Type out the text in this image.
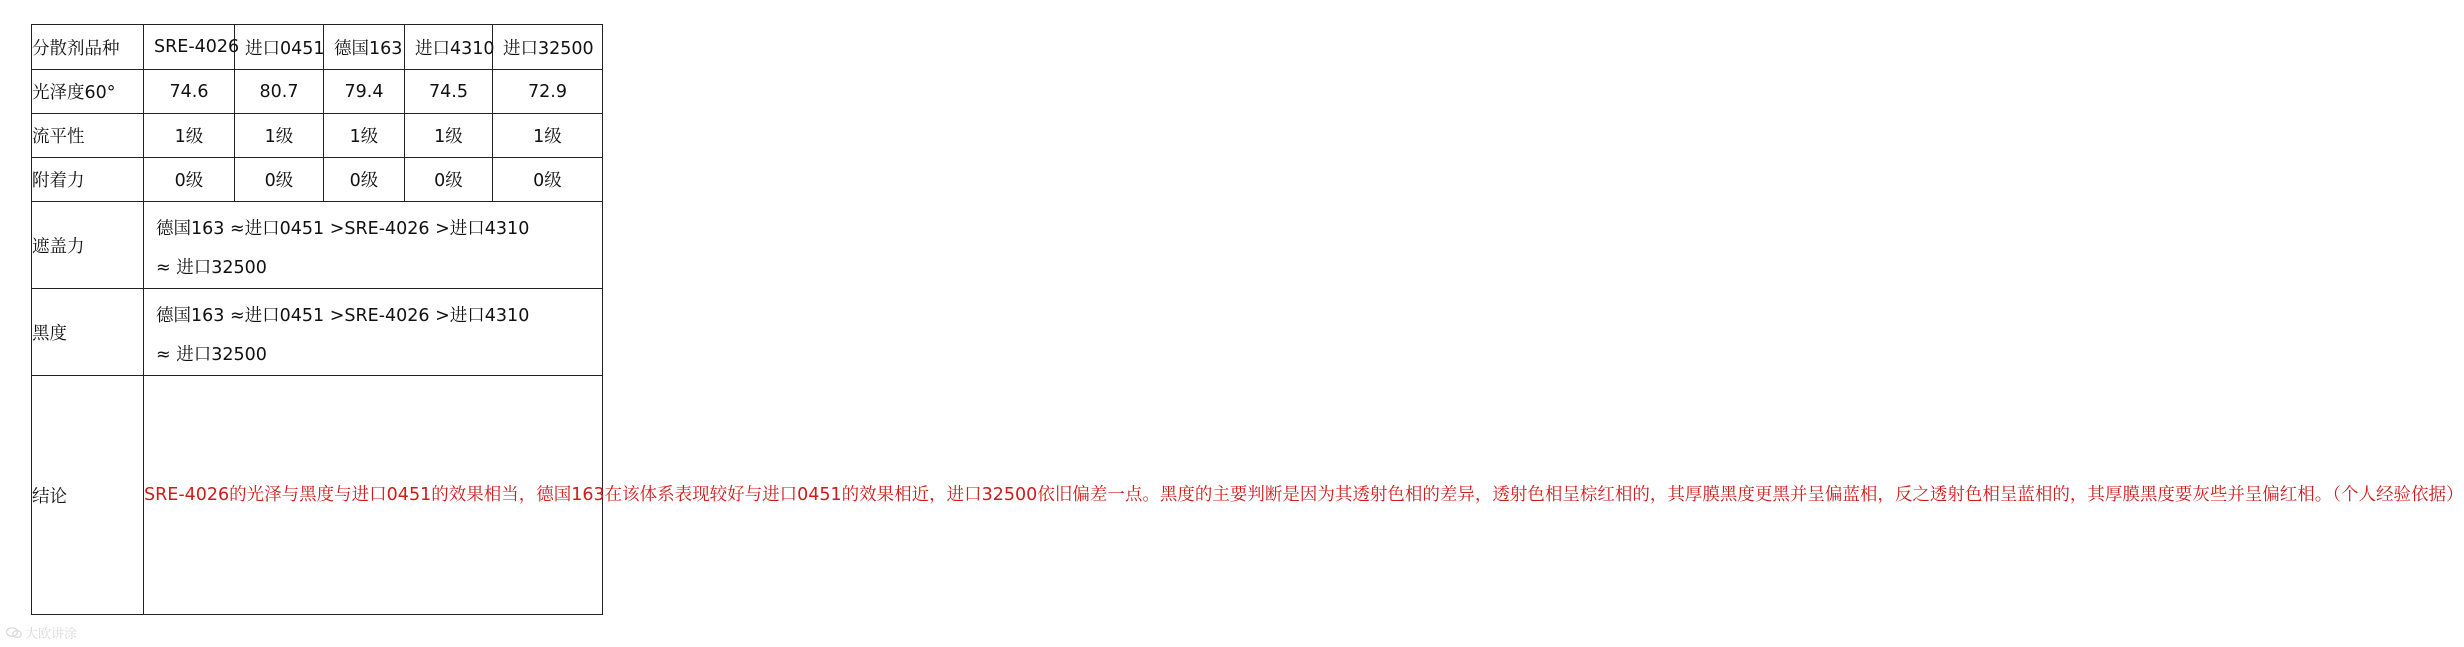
分散剂品种	SRE-4026	进口0451	德国163	进口4310	进口32500
光泽度60°	74.6	80.7	79.4	74.5	72.9
流平性	1级	1级	1级	1级	1级
附着力	0级	0级	0级	0级	0级
遮盖力	德国163 ≈进口0451 >SRE-4026 >进口4310
≈ 进口32500				

黑度	德国163 ≈进口0451 >SRE-4026 >进口4310
≈ 进口32500				

结论	SRE-4026的光泽与黑度与进口0451的效果相当，德国163在该体系表现较好与进口0451的效果相近，进口32500依旧偏差一点。黑度的主要判断是因为其透射色相的差异，透射色相呈棕红相的，其厚膜黑度更黑并呈偏蓝相，反之透射色相呈蓝相的，其厚膜黑度要灰些并呈偏红相。（个人经验依据）				
大欧讲涂
